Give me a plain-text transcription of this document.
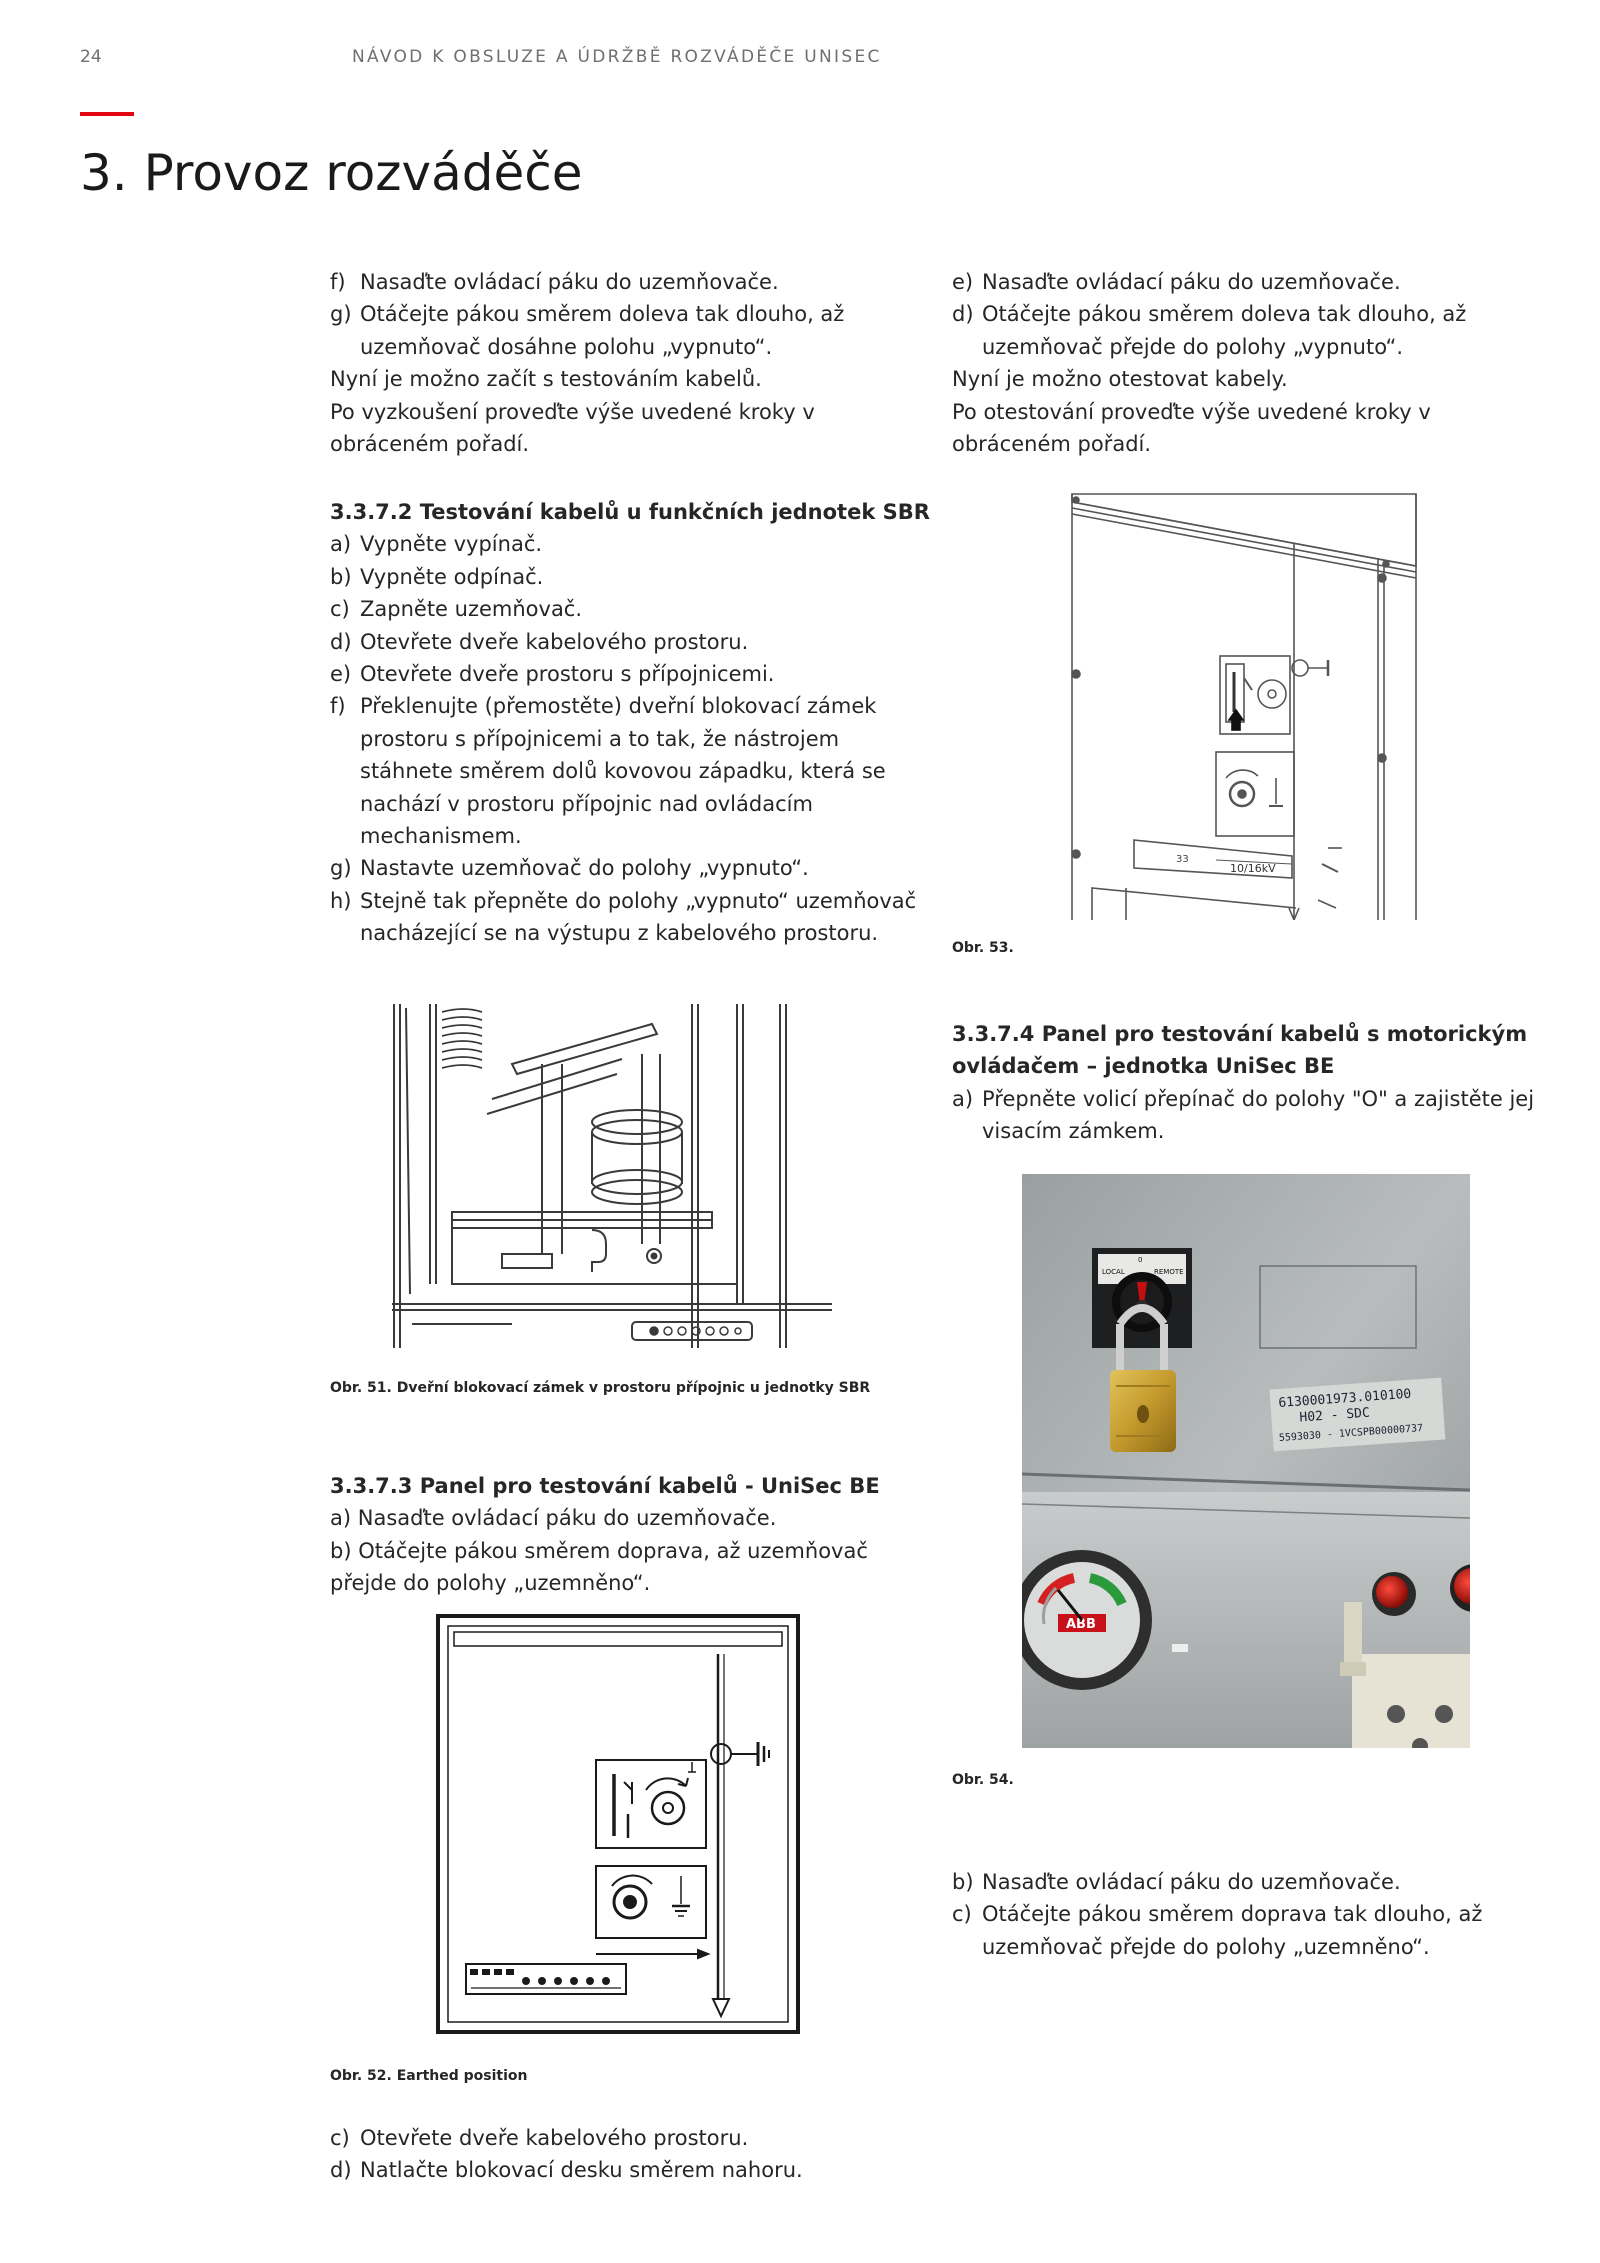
24	NÁVOD K OBSLUZE A ÚDRŽBĚ ROZVÁDĚČE UNISEC
3. Provoz rozváděče
f) Nasaďte ovládací páku do uzemňovače.
g) Otáčejte pákou směrem doleva tak dlouho, až uzemňovač dosáhne polohu „vypnuto“.

Nyní je možno začít s testováním kabelů.

Po vyzkoušení proveďte výše uvedené kroky v obráceném pořadí.

3.3.7.2 Testování kabelů u funkčních jednotek SBR

a) Vypněte vypínač.
b) Vypněte odpínač.
c) Zapněte uzemňovač.
d) Otevřete dveře kabelového prostoru.
e) Otevřete dveře prostoru s přípojnicemi.
f) Překlenujte (přemostěte) dveřní blokovací zámek prostoru s přípojnicemi a to tak, že nástrojem stáhnete směrem dolů kovovou západku, která se nachází v prostoru přípojnic nad ovládacím mechanismem.
g) Nastavte uzemňovač do polohy „vypnuto“.
h) Stejně tak přepněte do polohy „vypnuto“ uzemňovač nacházející se na výstupu z kabelového prostoru.
Obr. 51. Dveřní blokovací zámek v prostoru přípojnic u jednotky SBR

3.3.7.3 Panel pro testování kabelů - UniSec BE

a) Nasaďte ovládací páku do uzemňovače.

b) Otáčejte pákou směrem doprava, až uzemňovač přejde do polohy „uzemněno“.

Obr. 52. Earthed position
c) Otevřete dveře kabelového prostoru.
d) Natlačte blokovací desku směrem nahoru.
e) Nasaďte ovládací páku do uzemňovače.
d) Otáčejte pákou směrem doleva tak dlouho, až uzemňovač přejde do polohy „vypnuto“.

Nyní je možno otestovat kabely.

Po otestování proveďte výše uvedené kroky v obráceném pořadí.

33
10/16kV
Obr. 53.

3.3.7.4 Panel pro testování kabelů s motorickým ovládačem – jednotka UniSec BE

a) Přepněte volicí přepínač do polohy "O" a zajistěte jej visacím zámkem.
LOCAL
0
REMOTE
6130001973.010100
H02 - SDC
5593030 - 1VCSPB00000737
ABB
Obr. 54.
b) Nasaďte ovládací páku do uzemňovače.
c) Otáčejte pákou směrem doprava tak dlouho, až uzemňovač přejde do polohy „uzemněno“.
